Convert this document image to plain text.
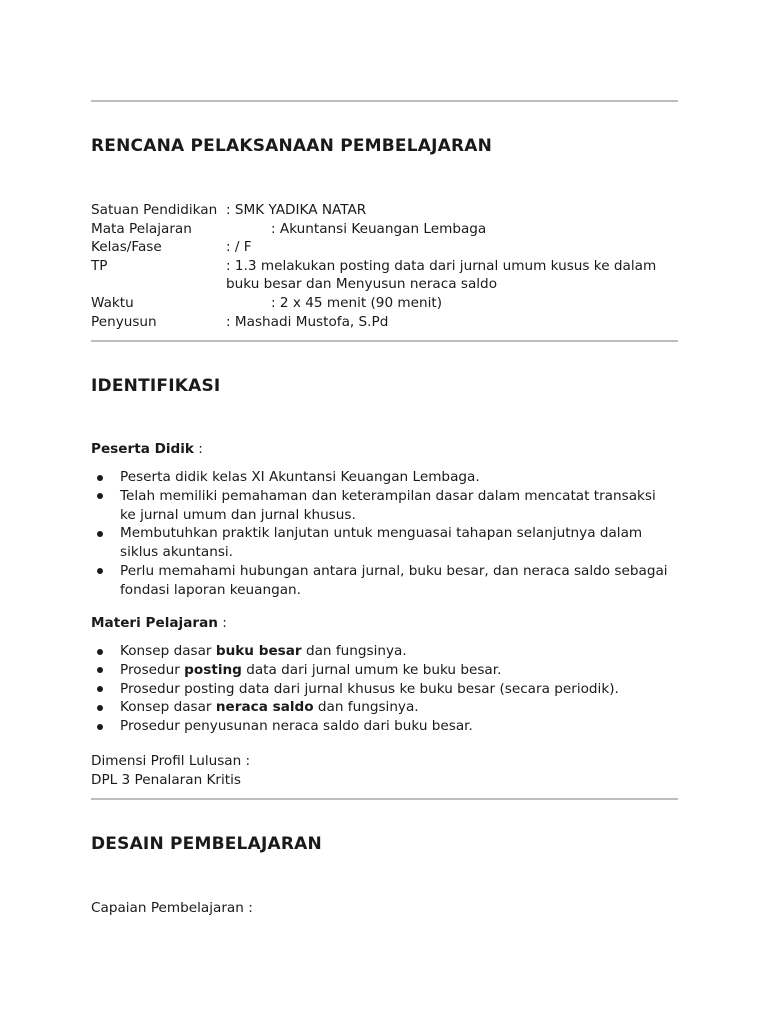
RENCANA PELAKSANAAN PEMBELAJARAN
Satuan Pendidikan : SMK YADIKA NATAR
Mata Pelajaran	: Akuntansi Keuangan Lembaga
Kelas/Fase	: / F
TP	: 1.3 melakukan posting data dari jurnal umum kusus ke dalam
buku besar dan Menyusun neraca saldo
Waktu	: 2 x 45 menit (90 menit)
Penyusun	: Mashadi Mustofa, S.Pd
IDENTIFIKASI
Peserta Didik :
Peserta didik kelas XI Akuntansi Keuangan Lembaga.
Telah memiliki pemahaman dan keterampilan dasar dalam mencatat transaksi
ke jurnal umum dan jurnal khusus.
Membutuhkan praktik lanjutan untuk menguasai tahapan selanjutnya dalam
siklus akuntansi.
Perlu memahami hubungan antara jurnal, buku besar, dan neraca saldo sebagai
fondasi laporan keuangan.
Materi Pelajaran :
Konsep dasar buku besar dan fungsinya.
Prosedur posting data dari jurnal umum ke buku besar.
Prosedur posting data dari jurnal khusus ke buku besar (secara periodik).
Konsep dasar neraca saldo dan fungsinya.
Prosedur penyusunan neraca saldo dari buku besar.
Dimensi Profil Lulusan :
DPL 3 Penalaran Kritis
DESAIN PEMBELAJARAN
Capaian Pembelajaran :
